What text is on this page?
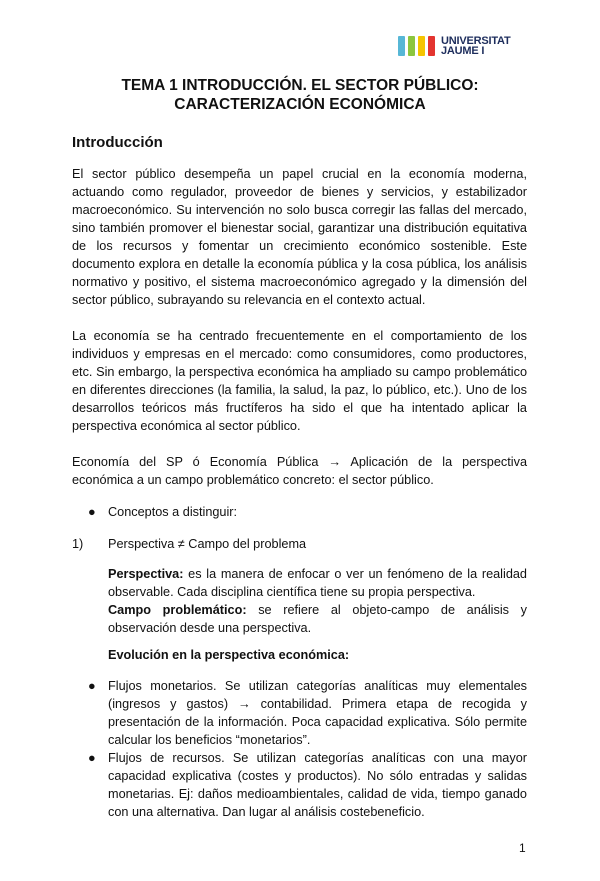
UNIVERSITAT
JAUME I
TEMA 1 INTRODUCCIÓN. EL SECTOR PÚBLICO:
CARACTERIZACIÓN ECONÓMICA
Introducción
El sector público desempeña un papel crucial en la economía moderna, actuando como regulador, proveedor de bienes y servicios, y estabilizador macroeconómico. Su intervención no solo busca corregir las fallas del mercado, sino también promover el bienestar social, garantizar una distribución equitativa de los recursos y fomentar un crecimiento económico sostenible. Este documento explora en detalle la economía pública y la cosa pública, los análisis normativo y positivo, el sistema macroeconómico agregado y la dimensión del sector público, subrayando su relevancia en el contexto actual.
La economía se ha centrado frecuentemente en el comportamiento de los individuos y empresas en el mercado: como consumidores, como productores, etc. Sin embargo, la perspectiva económica ha ampliado su campo problemático en diferentes direcciones (la familia, la salud, la paz, lo público, etc.). Uno de los desarrollos teóricos más fructíferos ha sido el que ha intentado aplicar la perspectiva económica al sector público.
Economía del SP ó Economía Pública → Aplicación de la perspectiva económica a un campo problemático concreto: el sector público.
● Conceptos a distinguir:
1) Perspectiva ≠ Campo del problema
Perspectiva: es la manera de enfocar o ver un fenómeno de la realidad observable. Cada disciplina científica tiene su propia perspectiva.
Campo problemático: se refiere al objeto-campo de análisis y observación desde una perspectiva.
Evolución en la perspectiva económica:
● Flujos monetarios. Se utilizan categorías analíticas muy elementales (ingresos y gastos) → contabilidad. Primera etapa de recogida y presentación de la información. Poca capacidad explicativa. Sólo permite calcular los beneficios “monetarios”.
● Flujos de recursos. Se utilizan categorías analíticas con una mayor capacidad explicativa (costes y productos). No sólo entradas y salidas monetarias. Ej: daños medioambientales, calidad de vida, tiempo ganado con una alternativa. Dan lugar al análisis costebeneficio.
1
